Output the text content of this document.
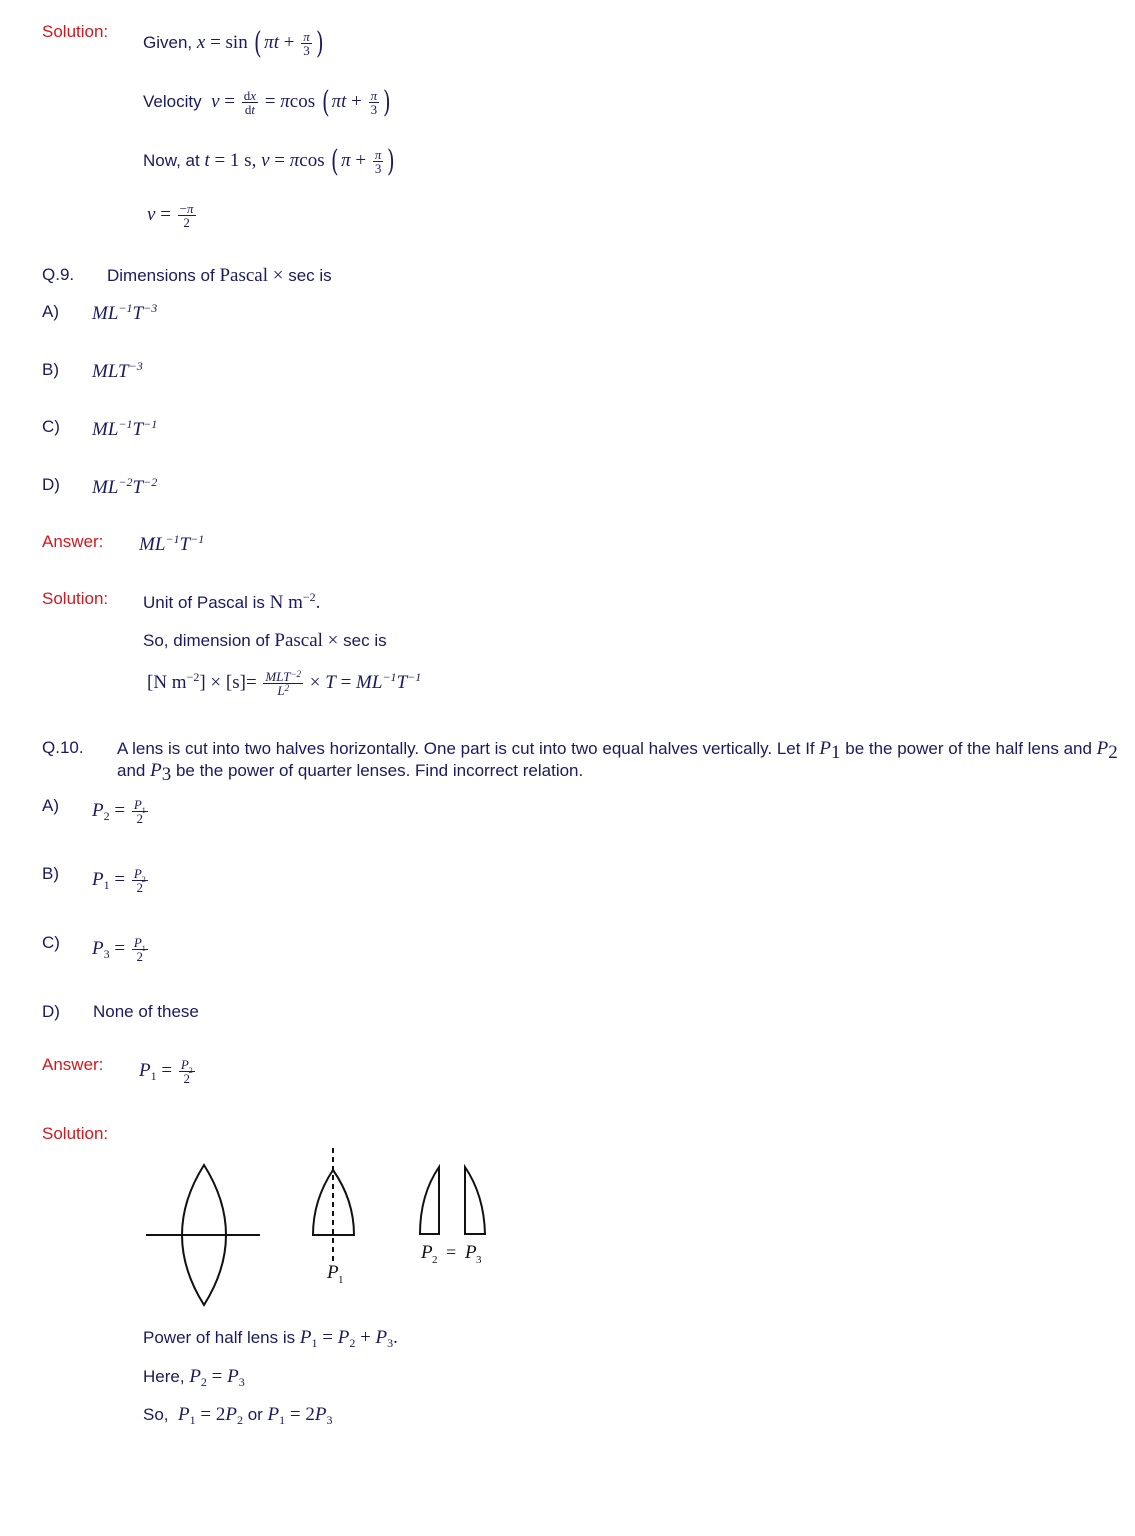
Solution:
Given, x = sin ( $\pi t + \frac{\pi}{3}$ )
Velocity $v = \frac{dx}{dt} = \pi\cos$ ( $\pi t + \frac{\pi}{3}$ )
Now, at t = 1 s, v = πcos ( $\pi + \frac{\pi}{3}$ )
$v = \frac{-\pi}{2}$
Q.9. Dimensions of Pascal × sec is
A) $ML^{-1}T^{-3}$
B) $MLT^{-3}$
C) $ML^{-1}T^{-1}$
D) $ML^{-2}T^{-2}$
Answer: $ML^{-1}T^{-1}$
Solution: Unit of Pascal is N $m^{-2}$.
So, dimension of Pascal × sec is
[N $m^{-2}] \times [s]= \frac{MLT^{-2}}{L^2} \times T = ML^{-1}T^{-1}$
Q.10. A lens is cut into two halves horizontally. One part is cut into two equal halves vertically. Let If $P_1$ be the power of the half lens and $P_2$ and $P_3$ be the power of quarter lenses. Find incorrect relation.
A) $P_2 = \frac{P_1}{2}$
B) $P_1 = \frac{P_2}{2}$
C) $P_3 = \frac{P_1}{2}$
D) None of these
Answer: $P_1 = \frac{P_2}{2}$
Solution:
P 1
P 2 = P 3
Power of half lens is $P_1 = P_2 + P_3$.
Here, $P_2 = P_3$
So, $P_1 = 2P_2$ or $P_1 = 2P_3$
